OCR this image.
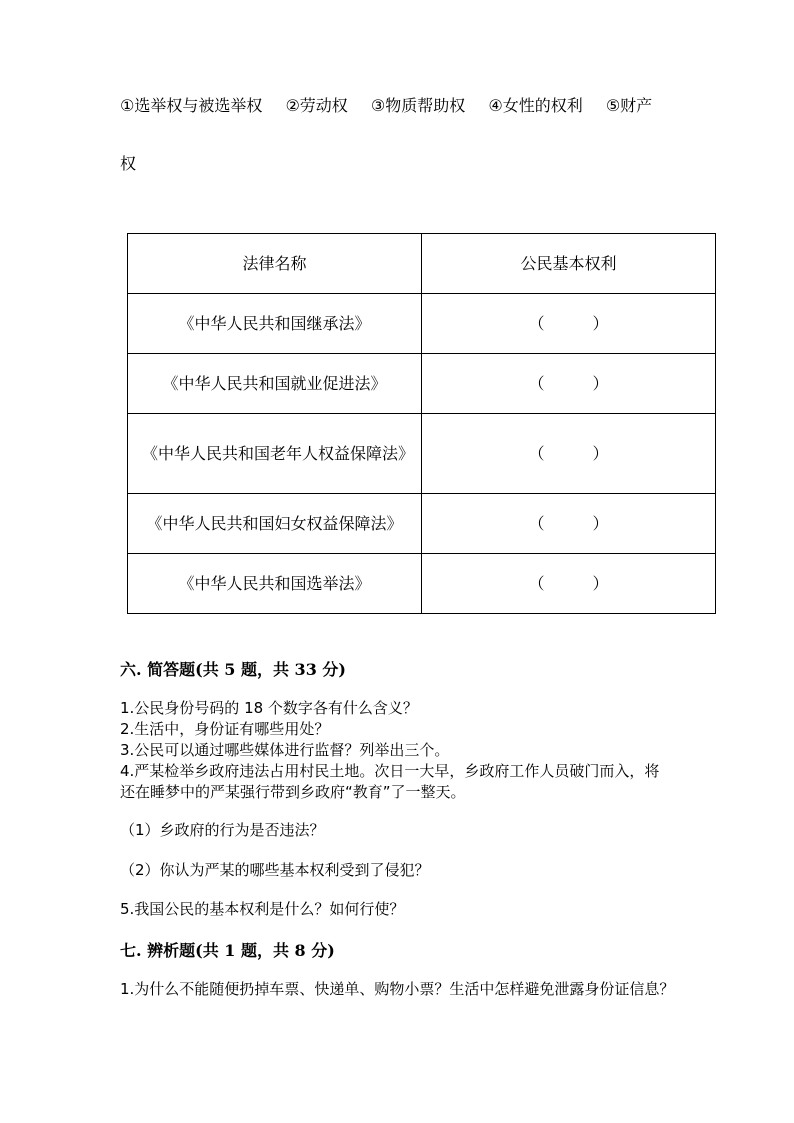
①选举权与被选举权 ②劳动权 ③物质帮助权 ④女性的权利 ⑤财产
权
法律名称	公民基本权利
《中华人民共和国继承法》	（　　　）
《中华人民共和国就业促进法》	（　　　）
《中华人民共和国老年人权益保障法》	（　　　）
《中华人民共和国妇女权益保障法》	（　　　）
《中华人民共和国选举法》	（　　　）
六. 简答题(共 5 题，共 33 分)
1.公民身份号码的 18 个数字各有什么含义？
2.生活中，身份证有哪些用处？
3.公民可以通过哪些媒体进行监督？列举出三个。
4.严某检举乡政府违法占用村民土地。次日一大早，乡政府工作人员破门而入，将还在睡梦中的严某强行带到乡政府“教育”了一整天。
（1）乡政府的行为是否违法？
（2）你认为严某的哪些基本权利受到了侵犯？
5.我国公民的基本权利是什么？如何行使？
七. 辨析题(共 1 题，共 8 分)
1.为什么不能随便扔掉车票、快递单、购物小票？生活中怎样避免泄露身份证信息？
